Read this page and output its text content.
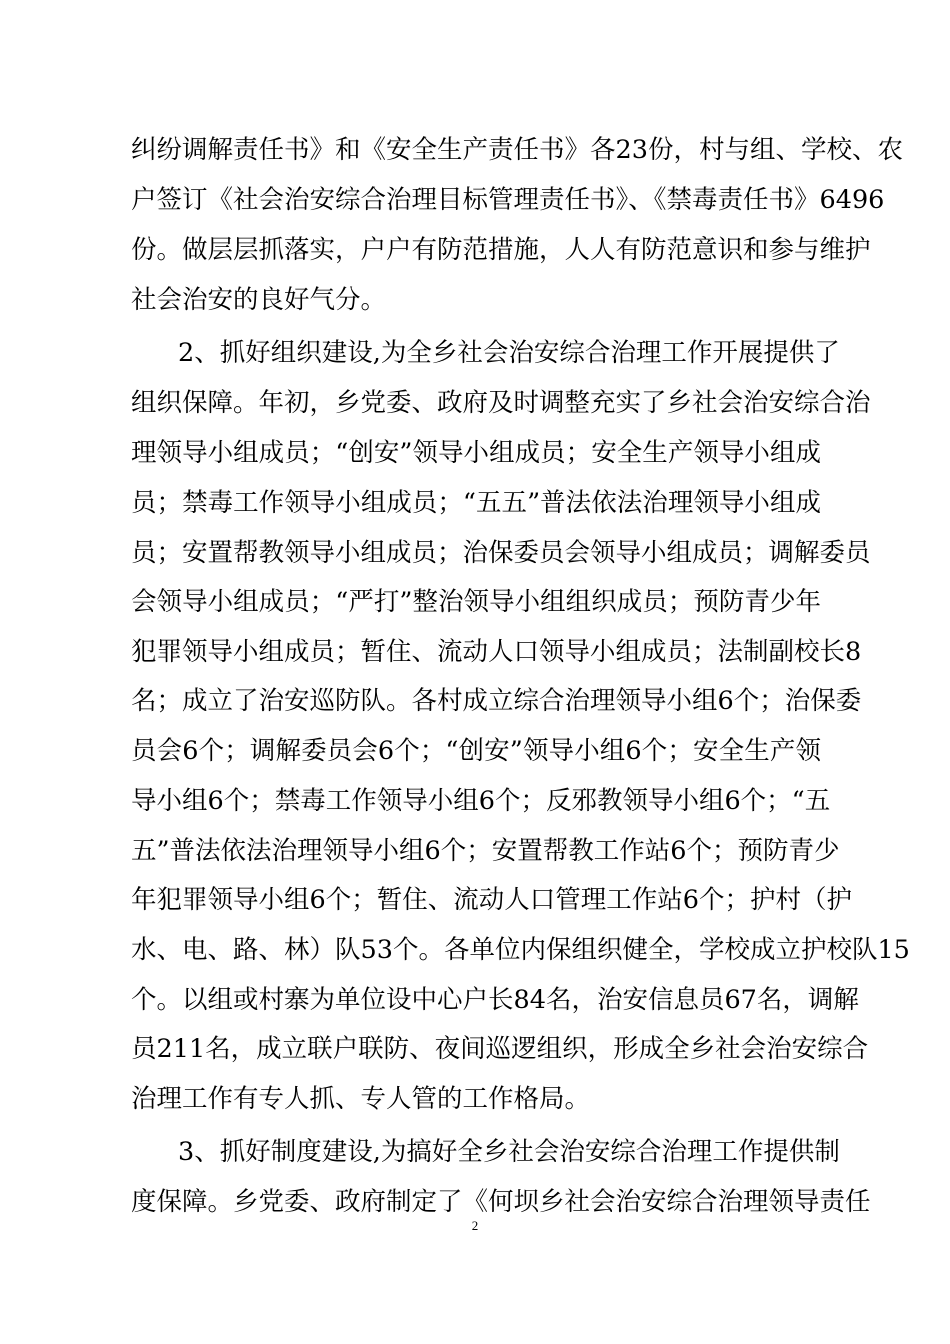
纠纷调解责任书》和《安全生产责任书》各23份，村与组、学校、农
户签订《社会治安综合治理目标管理责任书》、《禁毒责任书》6496
份。做层层抓落实，户户有防范措施，人人有防范意识和参与维护
社会治安的良好气分。
2、抓好组织建设,为全乡社会治安综合治理工作开展提供了
组织保障。年初，乡党委、政府及时调整充实了乡社会治安综合治
理领导小组成员；“创安”领导小组成员；安全生产领导小组成
员；禁毒工作领导小组成员；“五五”普法依法治理领导小组成
员；安置帮教领导小组成员；治保委员会领导小组成员；调解委员
会领导小组成员；“严打”整治领导小组组织成员；预防青少年
犯罪领导小组成员；暂住、流动人口领导小组成员；法制副校长8
名；成立了治安巡防队。各村成立综合治理领导小组6个；治保委
员会6个；调解委员会6个；“创安”领导小组6个；安全生产领
导小组6个；禁毒工作领导小组6个；反邪教领导小组6个；“五
五”普法依法治理领导小组6个；安置帮教工作站6个；预防青少
年犯罪领导小组6个；暂住、流动人口管理工作站6个；护村（护
水、电、路、林）队53个。各单位内保组织健全，学校成立护校队15
个。以组或村寨为单位设中心户长84名，治安信息员67名，调解
员211名，成立联户联防、夜间巡逻组织，形成全乡社会治安综合
治理工作有专人抓、专人管的工作格局。
3、抓好制度建设,为搞好全乡社会治安综合治理工作提供制
度保障。乡党委、政府制定了《何坝乡社会治安综合治理领导责任
2
